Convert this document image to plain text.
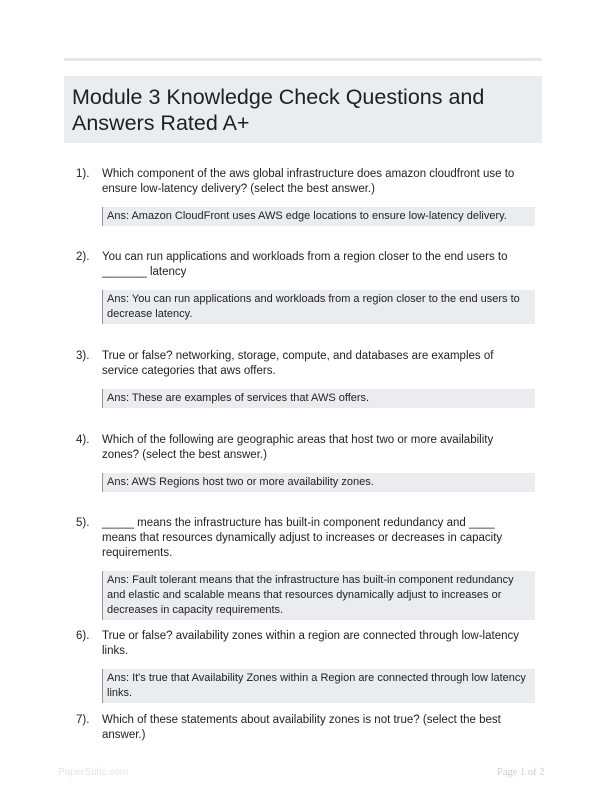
Module 3 Knowledge Check Questions and Answers Rated A+
1). Which component of the aws global infrastructure does amazon cloudfront use to ensure low-latency delivery? (select the best answer.)
Ans: Amazon CloudFront uses AWS edge locations to ensure low-latency delivery.
2). You can run applications and workloads from a region closer to the end users to _______ latency
Ans: You can run applications and workloads from a region closer to the end users to decrease latency.
3). True or false? networking, storage, compute, and databases are examples of service categories that aws offers.
Ans: These are examples of services that AWS offers.
4). Which of the following are geographic areas that host two or more availability zones? (select the best answer.)
Ans: AWS Regions host two or more availability zones.
5). _____ means the infrastructure has built-in component redundancy and ____ means that resources dynamically adjust to increases or decreases in capacity requirements.
Ans: Fault tolerant means that the infrastructure has built-in component redundancy and elastic and scalable means that resources dynamically adjust to increases or decreases in capacity requirements.
6). True or false? availability zones within a region are connected through low-latency links.
Ans: It's true that Availability Zones within a Region are connected through low latency links.
7). Which of these statements about availability zones is not true? (select the best answer.)
PaperStitic.com	Page 1 of 2
